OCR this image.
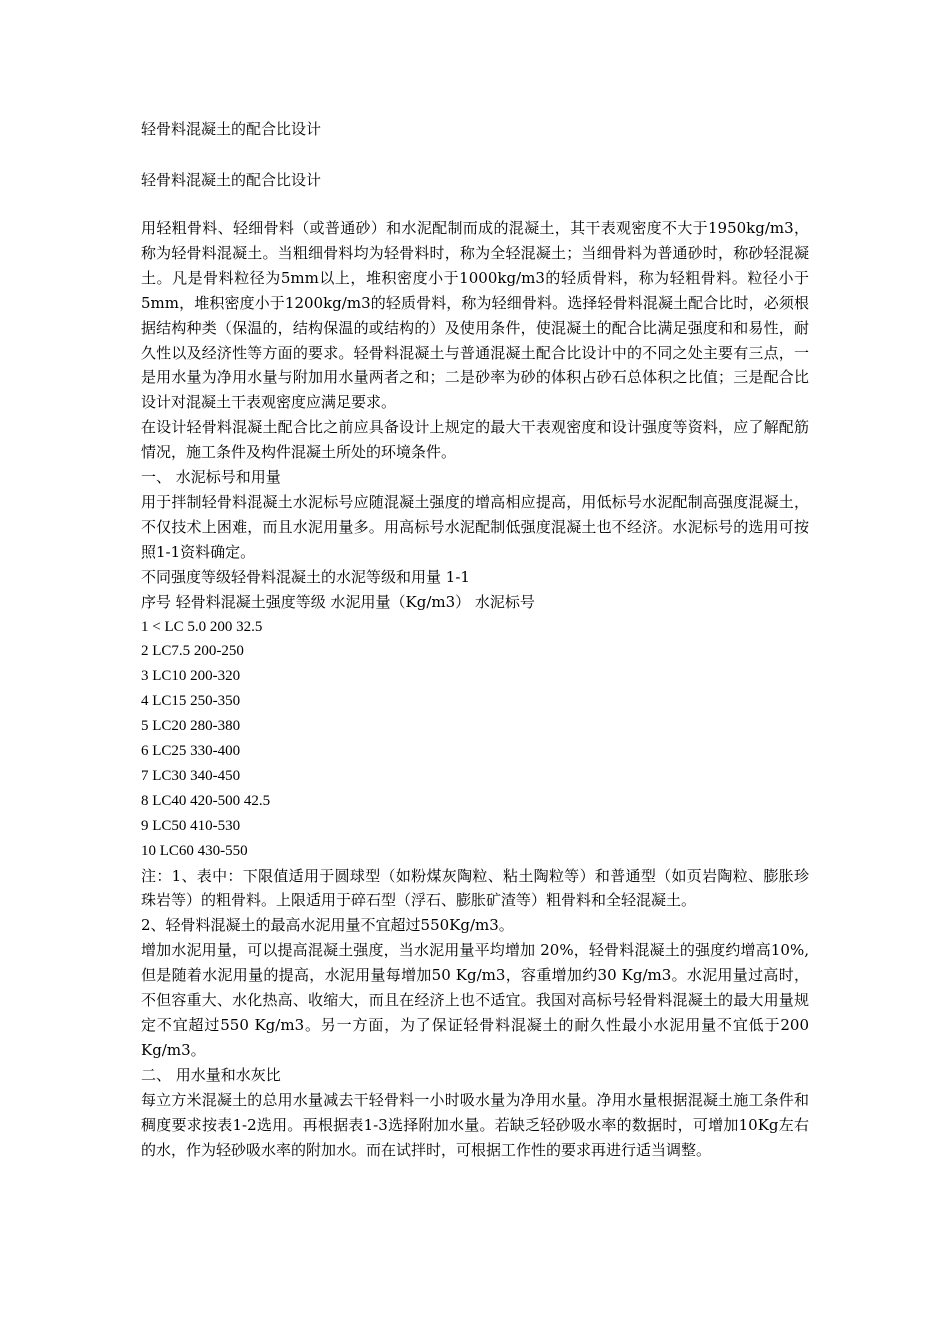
轻骨料混凝土的配合比设计
轻骨料混凝土的配合比设计

用轻粗骨料、轻细骨料（或普通砂）和水泥配制而成的混凝土，其干表观密度不大于1950kg/m3，称为轻骨料混凝土。当粗细骨料均为轻骨料时，称为全轻混凝土；当细骨料为普通砂时，称砂轻混凝土。凡是骨料粒径为5mm以上，堆积密度小于1000kg/m3的轻质骨料，称为轻粗骨料。粒径小于5mm，堆积密度小于1200kg/m3的轻质骨料，称为轻细骨料。选择轻骨料混凝土配合比时，必须根据结构种类（保温的，结构保温的或结构的）及使用条件，使混凝土的配合比满足强度和和易性，耐久性以及经济性等方面的要求。轻骨料混凝土与普通混凝土配合比设计中的不同之处主要有三点，一是用水量为净用水量与附加用水量两者之和；二是砂率为砂的体积占砂石总体积之比值；三是配合比设计对混凝土干表观密度应满足要求。

在设计轻骨料混凝土配合比之前应具备设计上规定的最大干表观密度和设计强度等资料，应了解配筋情况，施工条件及构件混凝土所处的环境条件。

一、 水泥标号和用量

用于拌制轻骨料混凝土水泥标号应随混凝土强度的增高相应提高，用低标号水泥配制高强度混凝土，不仅技术上困难，而且水泥用量多。用高标号水泥配制低强度混凝土也不经济。水泥标号的选用可按照1-1资料确定。

不同强度等级轻骨料混凝土的水泥等级和用量 1-1

序号 轻骨料混凝土强度等级 水泥用量（Kg/m3） 水泥标号

1 < LC 5.0 200 32.5

2 LC7.5 200-250

3 LC10 200-320

4 LC15 250-350

5 LC20 280-380

6 LC25 330-400

7 LC30 340-450

8 LC40 420-500 42.5

9 LC50 410-530

10 LC60 430-550

注：1、表中：下限值适用于圆球型（如粉煤灰陶粒、粘土陶粒等）和普通型（如页岩陶粒、膨胀珍珠岩等）的粗骨料。上限适用于碎石型（浮石、膨胀矿渣等）粗骨料和全轻混凝土。

2、轻骨料混凝土的最高水泥用量不宜超过550Kg/m3。

增加水泥用量，可以提高混凝土强度，当水泥用量平均增加 20%，轻骨料混凝土的强度约增高10%,但是随着水泥用量的提高，水泥用量每增加50 Kg/m3，容重增加约30 Kg/m3。水泥用量过高时，不但容重大、水化热高、收缩大，而且在经济上也不适宜。我国对高标号轻骨料混凝土的最大用量规定不宜超过550 Kg/m3。另一方面，为了保证轻骨料混凝土的耐久性最小水泥用量不宜低于200 Kg/m3。

二、 用水量和水灰比

每立方米混凝土的总用水量减去干轻骨料一小时吸水量为净用水量。净用水量根据混凝土施工条件和稠度要求按表1-2选用。再根据表1-3选择附加水量。若缺乏轻砂吸水率的数据时，可增加10Kg左右的水，作为轻砂吸水率的附加水。而在试拌时，可根据工作性的要求再进行适当调整。
